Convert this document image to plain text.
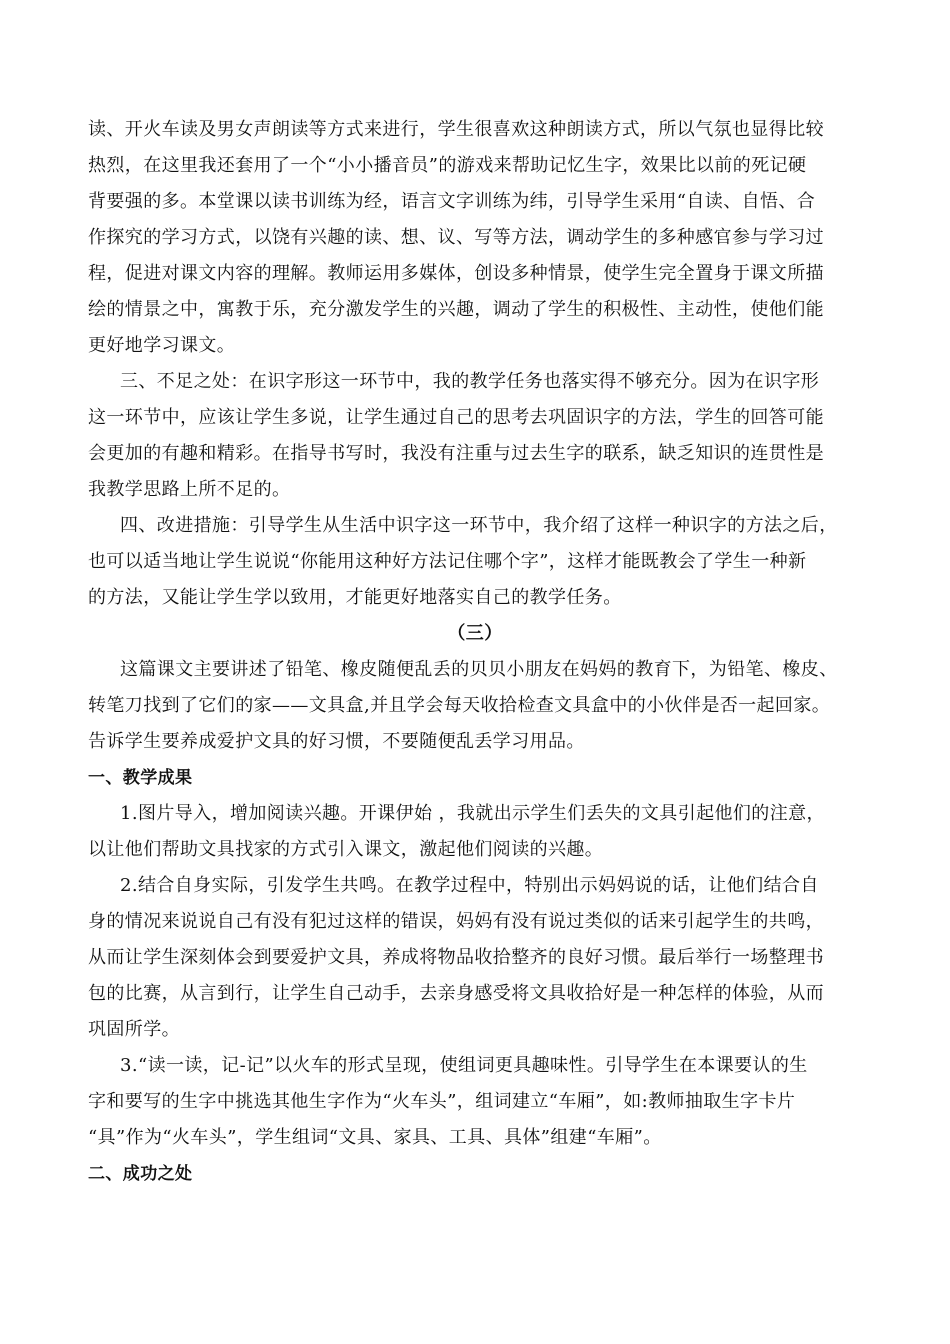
读、开火车读及男女声朗读等方式来进行，学生很喜欢这种朗读方式，所以气氛也显得比较
热烈，在这里我还套用了一个“小小播音员”的游戏来帮助记忆生字，效果比以前的死记硬
背要强的多。本堂课以读书训练为经，语言文字训练为纬，引导学生采用“自读、自悟、合
作探究的学习方式，以饶有兴趣的读、想、议、写等方法，调动学生的多种感官参与学习过
程，促进对课文内容的理解。教师运用多媒体，创设多种情景，使学生完全置身于课文所描
绘的情景之中，寓教于乐，充分激发学生的兴趣，调动了学生的积极性、主动性，使他们能
更好地学习课文。
三、不足之处：在识字形这一环节中，我的教学任务也落实得不够充分。因为在识字形
这一环节中，应该让学生多说，让学生通过自己的思考去巩固识字的方法，学生的回答可能
会更加的有趣和精彩。在指导书写时，我没有注重与过去生字的联系，缺乏知识的连贯性是
我教学思路上所不足的。
四、改进措施：引导学生从生活中识字这一环节中，我介绍了这样一种识字的方法之后，
也可以适当地让学生说说“你能用这种好方法记住哪个字”，这样才能既教会了学生一种新
的方法，又能让学生学以致用，才能更好地落实自己的教学任务。
（三）
这篇课文主要讲述了铅笔、橡皮随便乱丢的贝贝小朋友在妈妈的教育下，为铅笔、橡皮、
转笔刀找到了它们的家——文具盒,并且学会每天收拾检查文具盒中的小伙伴是否一起回家。
告诉学生要养成爱护文具的好习惯，不要随便乱丢学习用品。
一、教学成果
1.图片导入，增加阅读兴趣。开课伊始 ，我就出示学生们丢失的文具引起他们的注意，
以让他们帮助文具找家的方式引入课文，激起他们阅读的兴趣。
2.结合自身实际，引发学生共鸣。在教学过程中，特别出示妈妈说的话，让他们结合自
身的情况来说说自己有没有犯过这样的错误，妈妈有没有说过类似的话来引起学生的共鸣，
从而让学生深刻体会到要爱护文具，养成将物品收拾整齐的良好习惯。最后举行一场整理书
包的比赛，从言到行，让学生自己动手，去亲身感受将文具收拾好是一种怎样的体验，从而
巩固所学。
3.“读一读，记-记”以火车的形式呈现，使组词更具趣味性。引导学生在本课要认的生
字和要写的生字中挑选其他生字作为“火车头”，组词建立“车厢”，如:教师抽取生字卡片
“具”作为“火车头”，学生组词“文具、家具、工具、具体”组建“车厢”。
二、成功之处
